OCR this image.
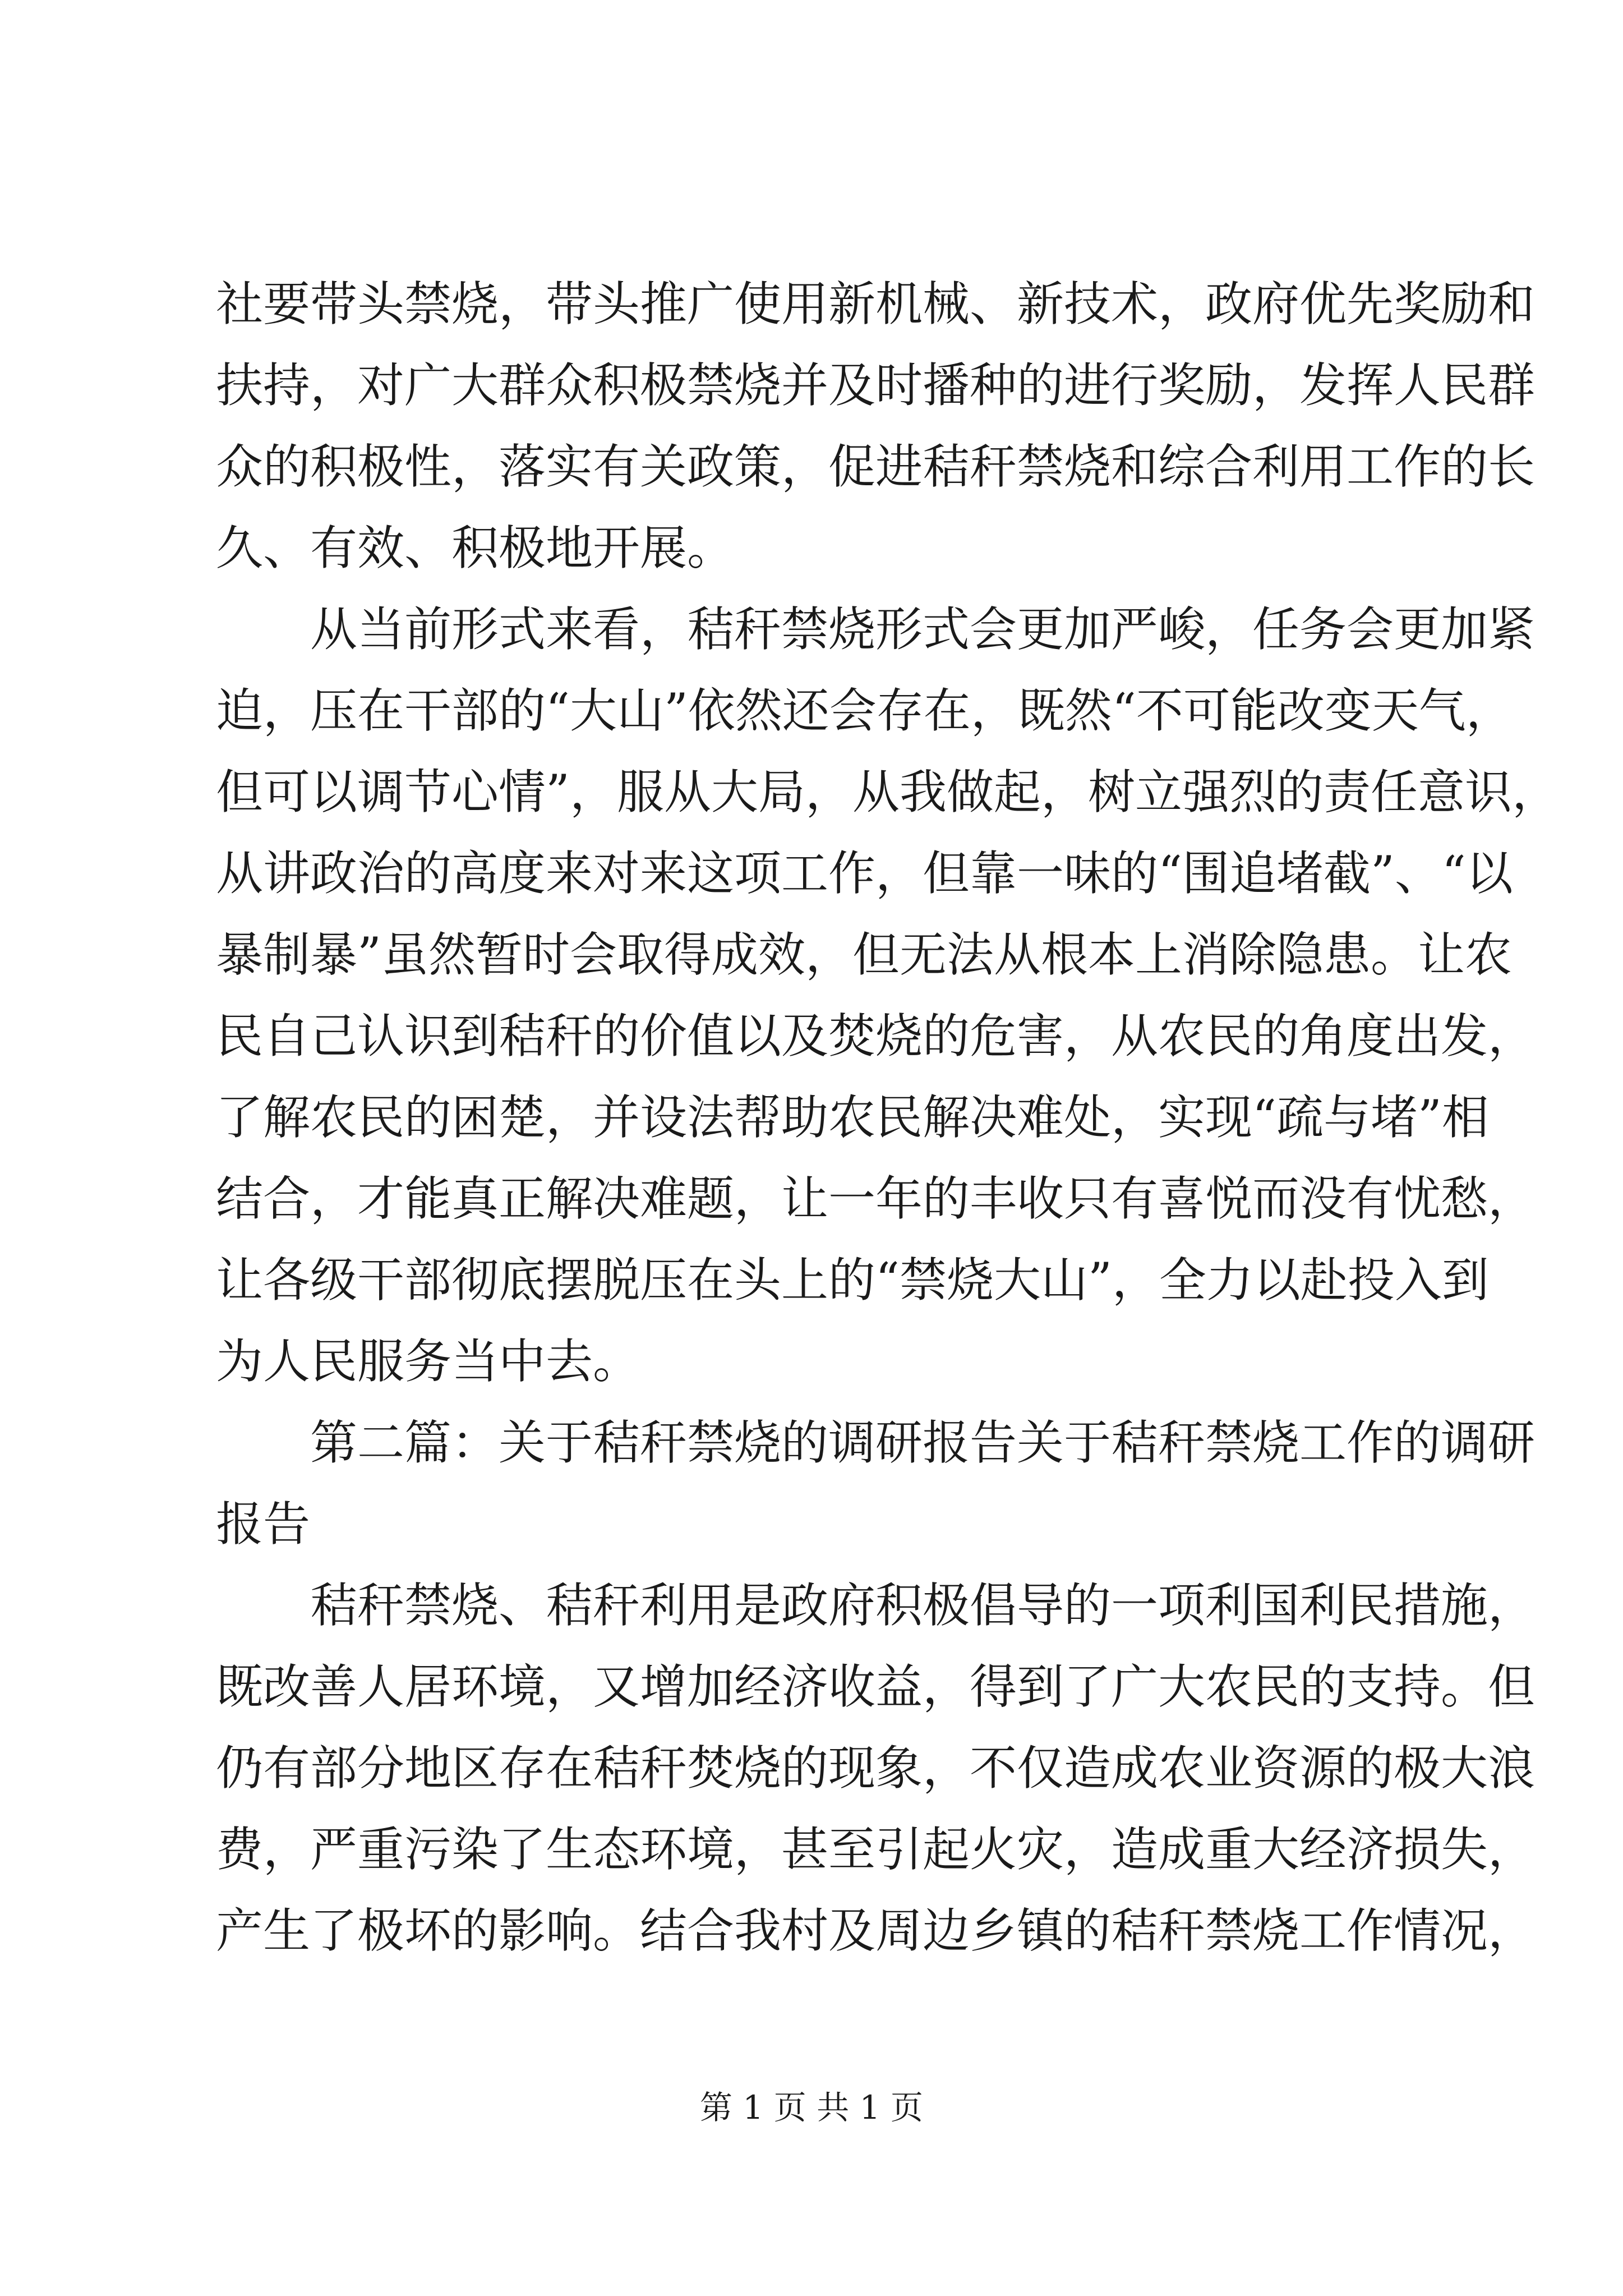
社要带头禁烧，带头推广使用新机械、新技术，政府优先奖励和
扶持，对广大群众积极禁烧并及时播种的进行奖励，发挥人民群
众的积极性，落实有关政策，促进秸秆禁烧和综合利用工作的长
久、有效、积极地开展。
从当前形式来看，秸秆禁烧形式会更加严峻，任务会更加紧
迫，压在干部的“大山”依然还会存在，既然“不可能改变天气，
但可以调节心情”，服从大局，从我做起，树立强烈的责任意识，
从讲政治的高度来对来这项工作，但靠一味的“围追堵截”、“以
暴制暴”虽然暂时会取得成效，但无法从根本上消除隐患。让农
民自己认识到秸秆的价值以及焚烧的危害，从农民的角度出发，
了解农民的困楚，并设法帮助农民解决难处，实现“疏与堵”相
结合，才能真正解决难题，让一年的丰收只有喜悦而没有忧愁，
让各级干部彻底摆脱压在头上的“禁烧大山”，全力以赴投入到
为人民服务当中去。
第二篇：关于秸秆禁烧的调研报告关于秸秆禁烧工作的调研
报告
秸秆禁烧、秸秆利用是政府积极倡导的一项利国利民措施，
既改善人居环境，又增加经济收益，得到了广大农民的支持。但
仍有部分地区存在秸秆焚烧的现象，不仅造成农业资源的极大浪
费，严重污染了生态环境，甚至引起火灾，造成重大经济损失，
产生了极坏的影响。结合我村及周边乡镇的秸秆禁烧工作情况，
第 1 页 共 1 页
